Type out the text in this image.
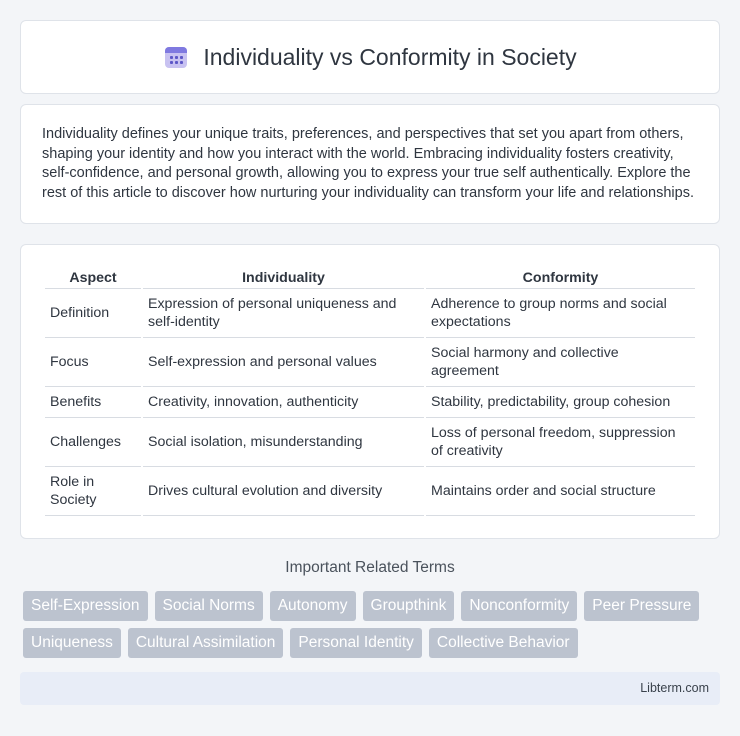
Individuality vs Conformity in Society

Individuality defines your unique traits, preferences, and perspectives that set you apart from others, shaping your identity and how you interact with the world. Embracing individuality fosters creativity, self-confidence, and personal growth, allowing you to express your true self authentically. Explore the rest of this article to discover how nurturing your individuality can transform your life and relationships.

Aspect	Individuality	Conformity
Definition	Expression of personal uniqueness and self-identity	Adherence to group norms and social expectations
Focus	Self-expression and personal values	Social harmony and collective agreement
Benefits	Creativity, innovation, authenticity	Stability, predictability, group cohesion
Challenges	Social isolation, misunderstanding	Loss of personal freedom, suppression of creativity
Role in Society	Drives cultural evolution and diversity	Maintains order and social structure
Important Related Terms
Self-Expression	Social Norms	Autonomy	Groupthink	Nonconformity	Peer Pressure
Uniqueness	Cultural Assimilation	Personal Identity	Collective Behavior
Libterm.com
